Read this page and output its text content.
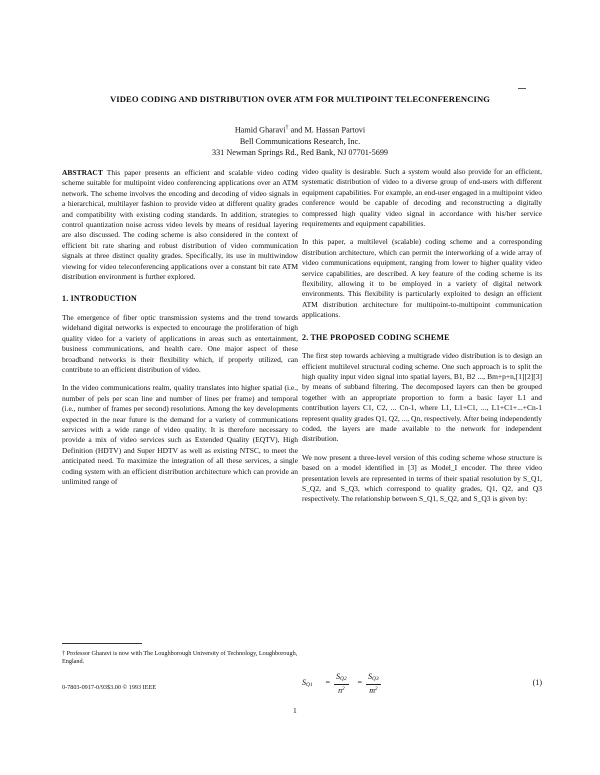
VIDEO CODING AND DISTRIBUTION OVER ATM FOR MULTIPOINT TELECONFERENCING

Hamid Gharavi† and M. Hassan Partovi
Bell Communications Research, Inc.
331 Newman Springs Rd., Red Bank, NJ 07701-5699

ABSTRACT This paper presents an efficient and scalable video coding scheme suitable for multipoint video conferencing applications over an ATM network. The scheme involves the encoding and decoding of video signals in a hierarchical, multilayer fashion to provide video at different quality grades and compatibility with existing coding standards. In addition, strategies to control quantization noise across video levels by means of residual layering are also discussed. The coding scheme is also considered in the context of efficient bit rate sharing and robust distribution of video communication signals at three distinct quality grades. Specifically, its use in multiwindow viewing for video teleconferencing applications over a constant bit rate ATM distribution environment is further explored.

1. INTRODUCTION

The emergence of fiber optic transmission systems and the trend towards widehand digital networks is expected to encourage the proliferation of high quality video for a variety of applications in areas such as entertainment, business communications, and health care. One major aspect of these broadband networks is their flexibility which, if properly utilized, can contribute to an efficient distribution of video.

In the video communications realm, quality translates into higher spatial (i.e., number of pels per scan line and number of lines per frame) and temporal (i.e., number of frames per second) resolutions. Among the key developments expected in the near future is the demand for a variety of communications services with a wide range of video quality. It is therefore necessary to provide a mix of video services such as Extended Quality (EQTV), High Definition (HDTV) and Super HDTV as well as existing NTSC, to meet the anticipated need. To maximize the integration of all these services, a single coding system with an efficient distribution architecture which can provide an unlimited range of

video quality is desirable. Such a system would also provide for an efficient, systematic distribution of video to a diverse group of end-users with different equipment capabilities. For example, an end-user engaged in a multipoint video conference would be capable of decoding and reconstructing a digitally compressed high quality video signal in accordance with his/her service requirements and equipment capabilities.

In this paper, a multilevel (scalable) coding scheme and a corresponding distribution architecture, which can permit the interworking of a wide array of video communications equipment, ranging from lower to higher quality video service capabilities, are described. A key feature of the coding scheme is its flexibility, allowing it to be employed in a variety of digital network environments. This flexibility is particularly exploited to design an efficient ATM distribution architecture for multipoint-to-multipoint communication applications.

2. THE PROPOSED CODING SCHEME

The first step towards achieving a multigrade video distribution is to design an efficient multilevel structural coding scheme. One such approach is to split the high quality input video signal into spatial layers, B1, B2 ..., Bm+p+n,[1][2][3] by means of subband filtering. The decomposed layers can then be grouped together with an appropriate proportion to form a basic layer L1 and contribution layers C1, C2, ... Cn-1, where L1, L1+C1, ..., L1+C1+...+Cn-1 represent quality grades Q1, Q2, ..., Qn, respectively. After being independently coded, the layers are made available to the network for independent distribution.

We now present a three-level version of this coding scheme whose structure is based on a model identified in [3] as Model_I encoder. The three video presentation levels are represented in terms of their spatial resolution by S_Q1, S_Q2, and S_Q3, which correspond to quality grades, Q1, Q2, and Q3 respectively. The relationship between S_Q1, S_Q2, and S_Q3 is given by:

$SQ1 = \frac{SQ2}{n^2} = \frac{SQ3}{m^2}$	(1)
† Professor Gharavi is now with The Loughborough University of Technology, Loughborough, England.
0-7803-0917-0/93$3.00 © 1993 IEEE
1
